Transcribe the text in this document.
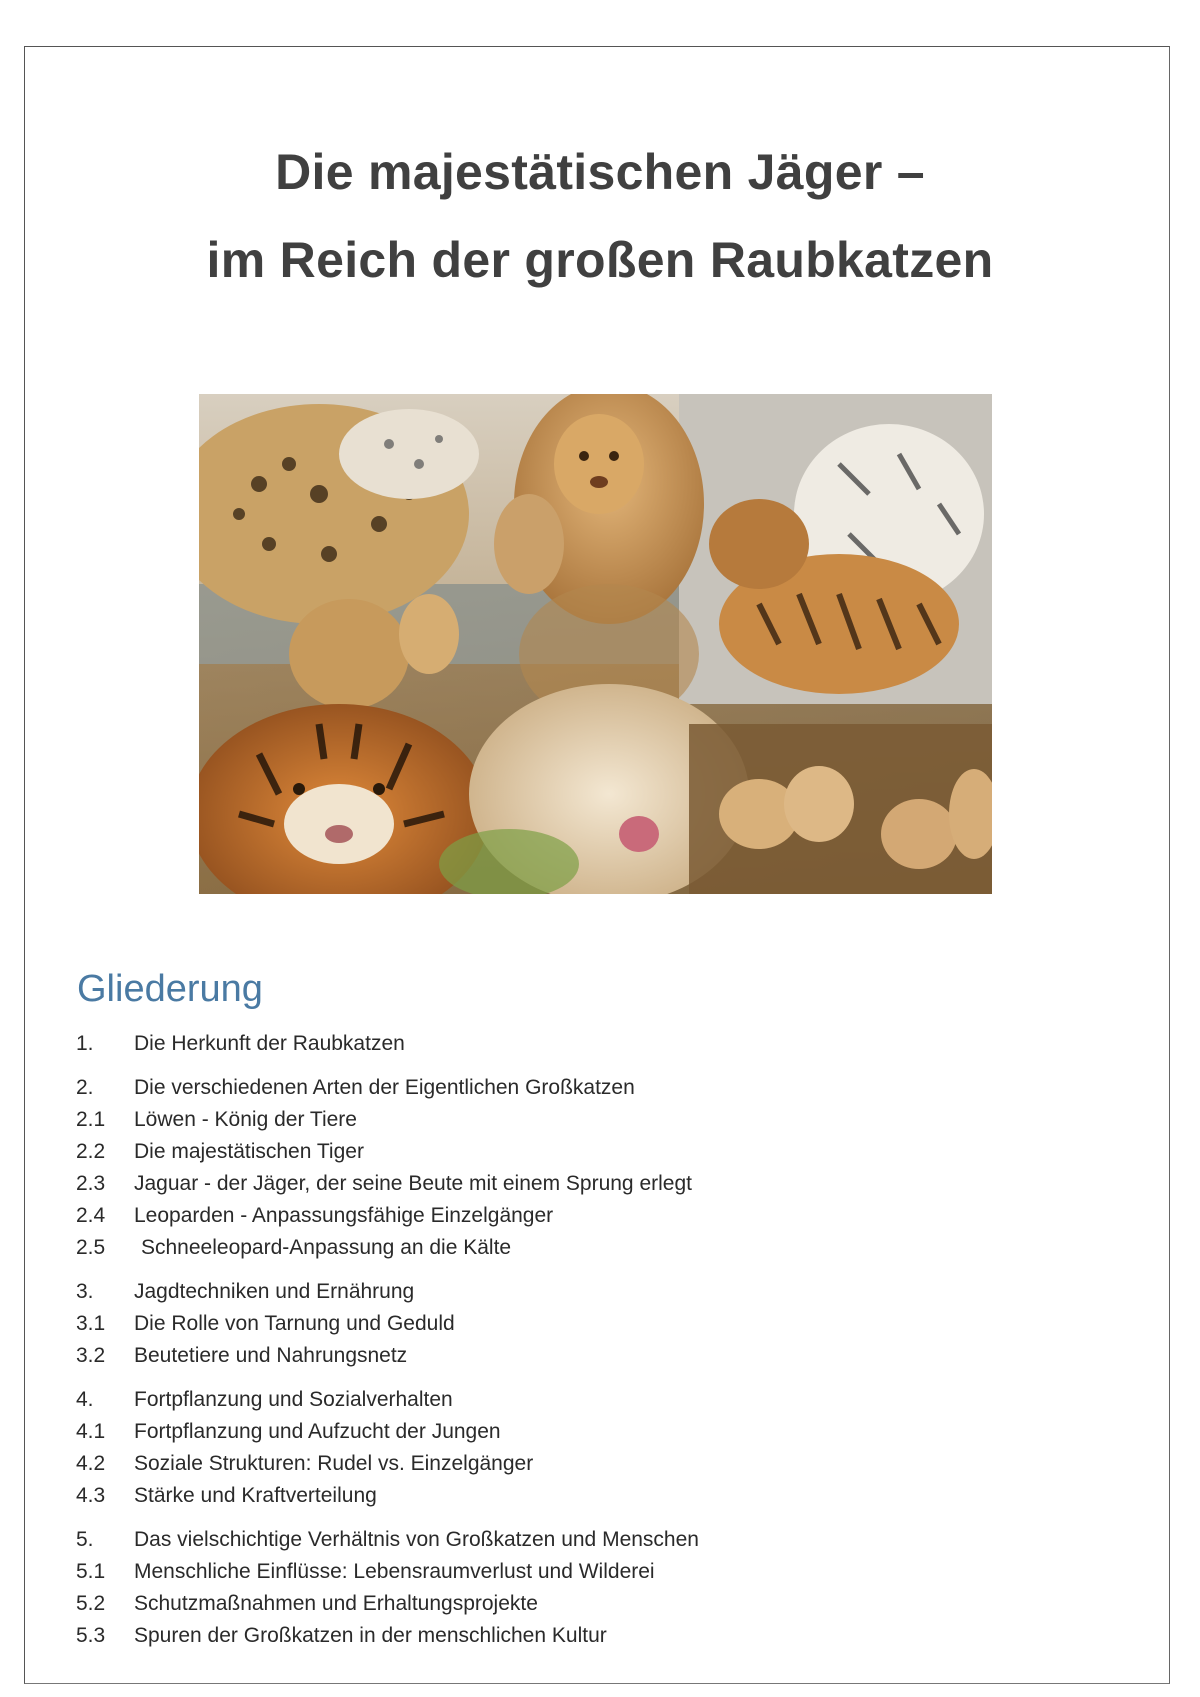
Die majestätischen Jäger –
im Reich der großen Raubkatzen
Gliederung
1.	Die Herkunft der Raubkatzen
2.	Die verschiedenen Arten der Eigentlichen Großkatzen
2.1	Löwen - König der Tiere
2.2	Die majestätischen Tiger
2.3	Jaguar - der Jäger, der seine Beute mit einem Sprung erlegt
2.4	Leoparden - Anpassungsfähige Einzelgänger
2.5	Schneeleopard-Anpassung an die Kälte
3.	Jagdtechniken und Ernährung
3.1	Die Rolle von Tarnung und Geduld
3.2	Beutetiere und Nahrungsnetz
4.	Fortpflanzung und Sozialverhalten
4.1	Fortpflanzung und Aufzucht der Jungen
4.2	Soziale Strukturen: Rudel vs. Einzelgänger
4.3	Stärke und Kraftverteilung
5.	Das vielschichtige Verhältnis von Großkatzen und Menschen
5.1	Menschliche Einflüsse: Lebensraumverlust und Wilderei
5.2	Schutzmaßnahmen und Erhaltungsprojekte
5.3	Spuren der Großkatzen in der menschlichen Kultur
